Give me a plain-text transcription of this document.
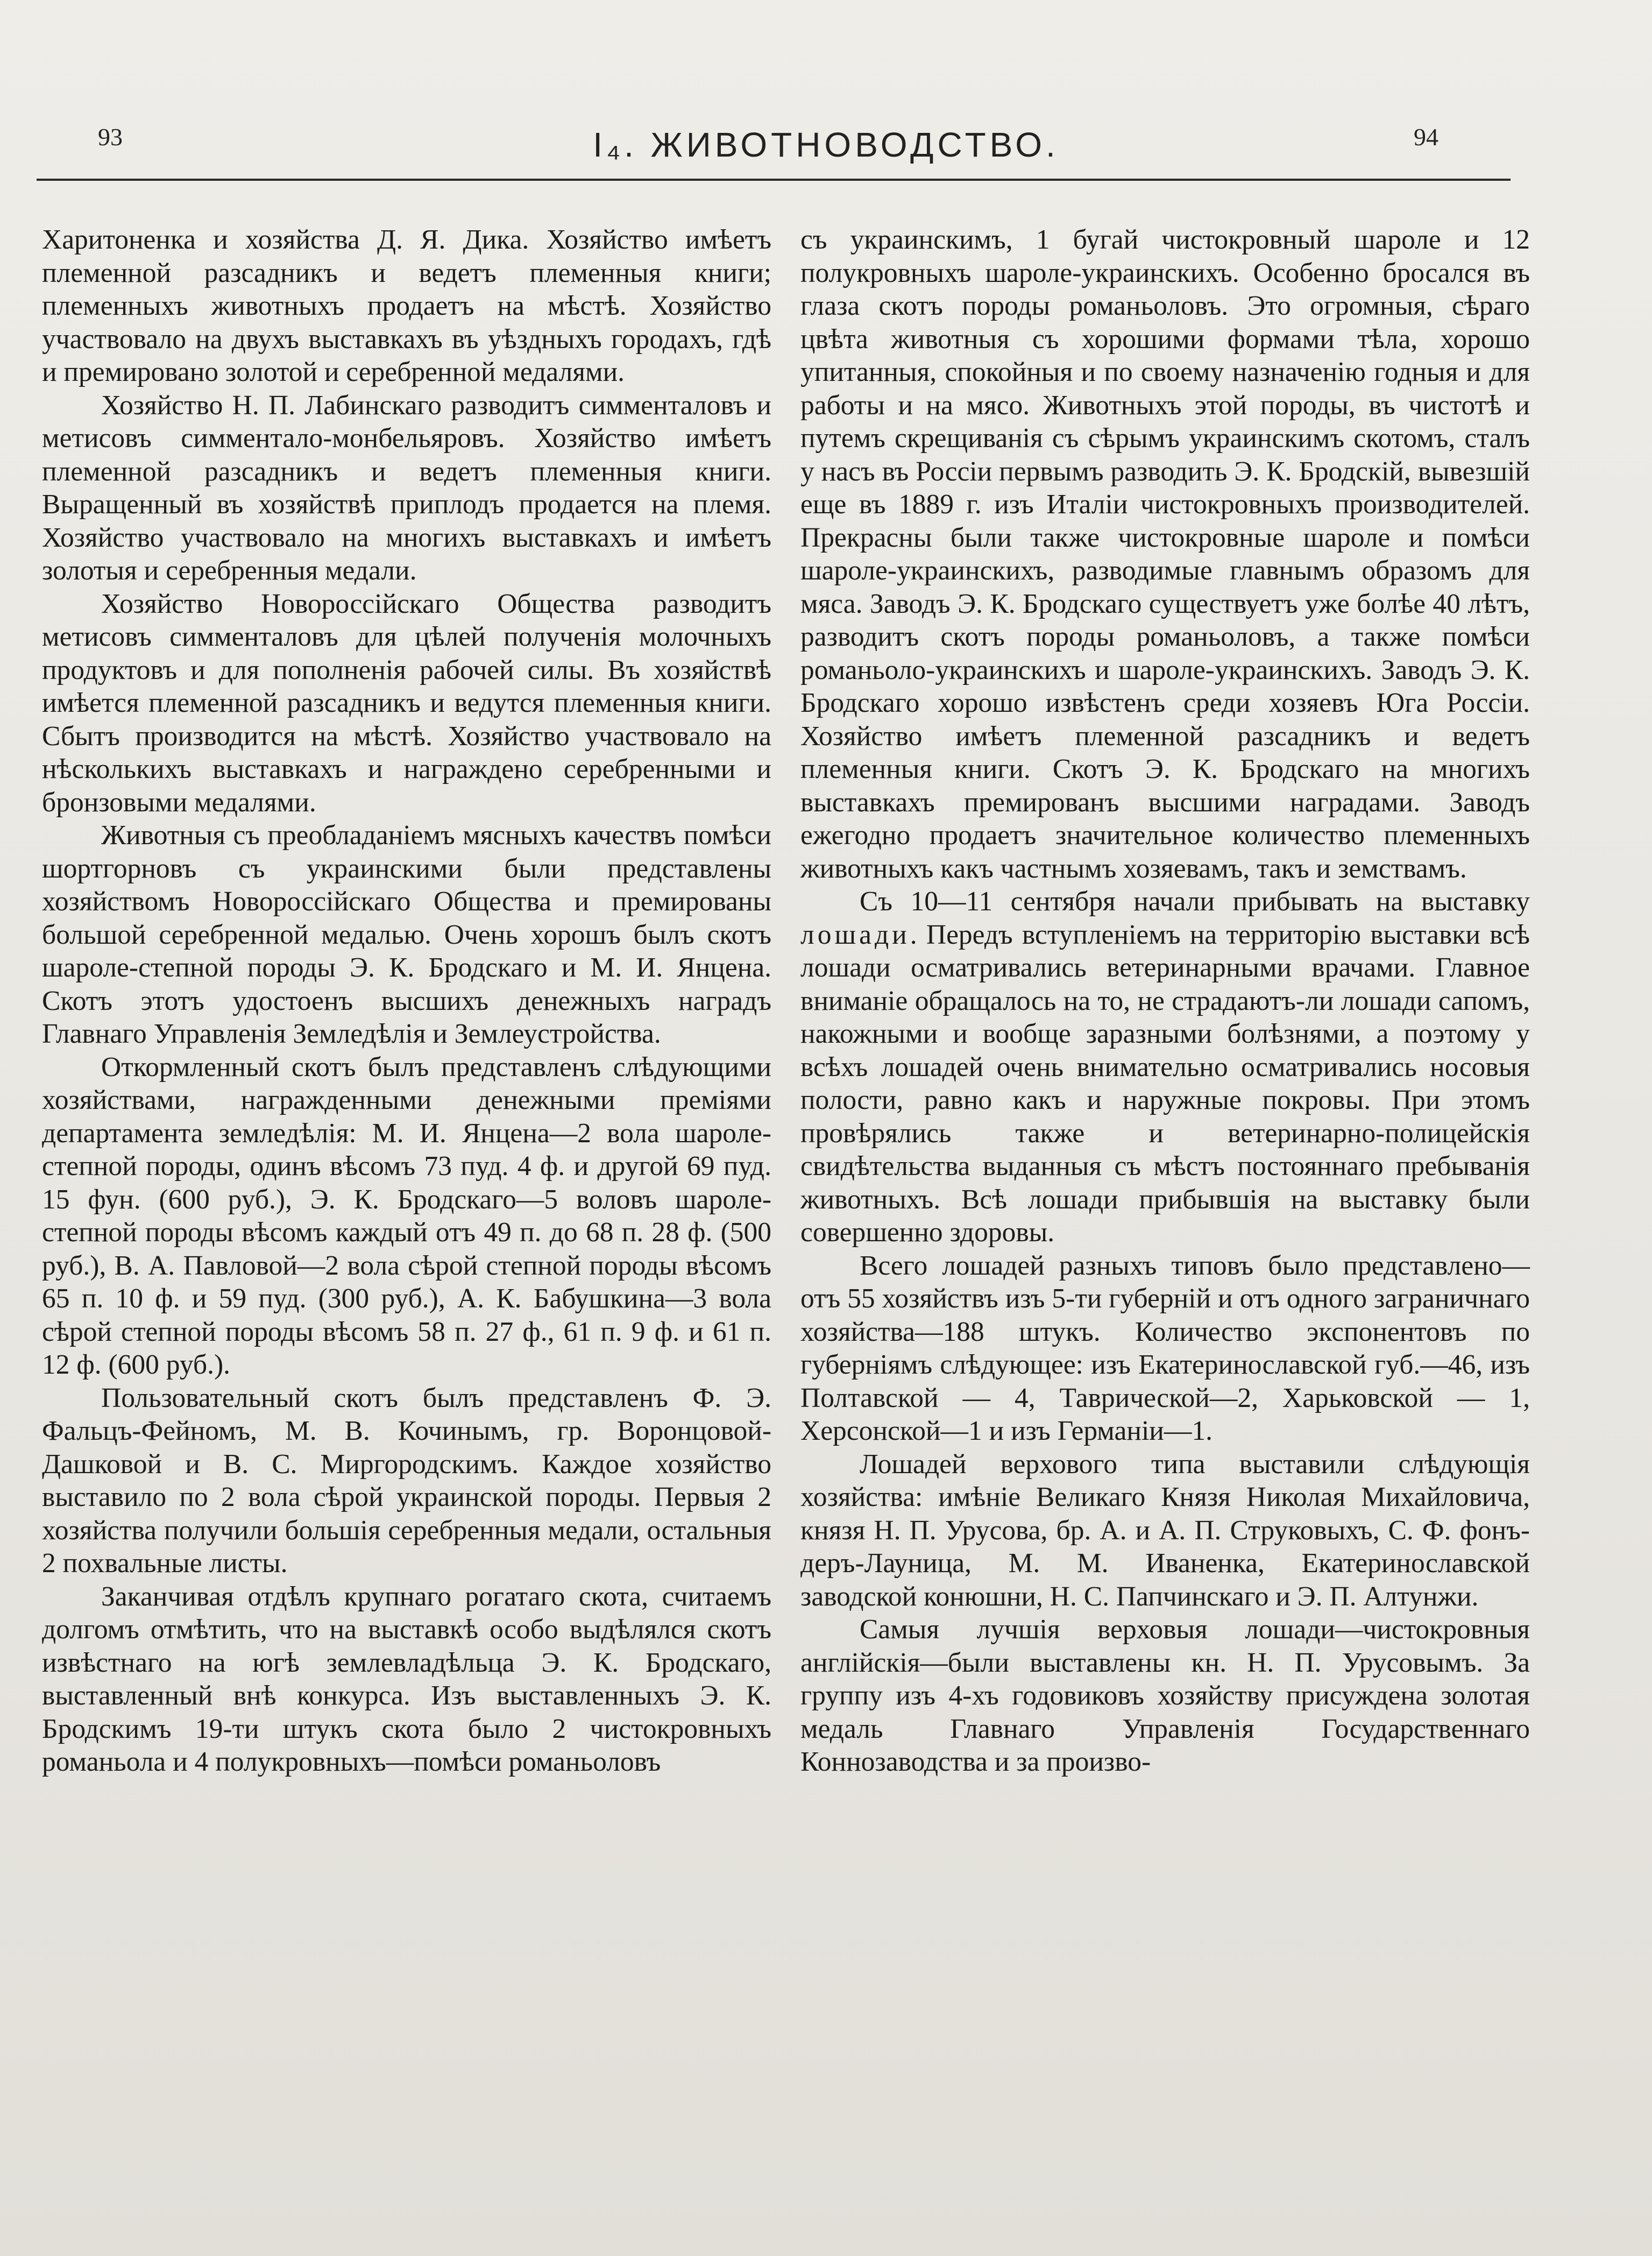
93	I₄. ЖИВОТНОВОДСТВО.	94

Харитоненка и хозяйства Д. Я. Дика. Хозяйство имѣетъ племенной разсадникъ и ведетъ племенныя книги; племенныхъ животныхъ продаетъ на мѣстѣ. Хозяйство участвовало на двухъ выставкахъ въ уѣздныхъ городахъ, гдѣ и премировано золотой и серебренной медалями.

Хозяйство Н. П. Лабинскаго разводитъ симменталовъ и метисовъ симментало-монбельяровъ. Хозяйство имѣетъ племенной разсадникъ и ведетъ племенныя книги. Выращенный въ хозяйствѣ приплодъ продается на племя. Хозяйство участвовало на многихъ выставкахъ и имѣетъ золотыя и серебренныя медали.

Хозяйство Новороссійскаго Общества разводитъ метисовъ симменталовъ для цѣлей полученія молочныхъ продуктовъ и для пополненія рабочей силы. Въ хозяйствѣ имѣется племенной разсадникъ и ведутся племенныя книги. Сбытъ производится на мѣстѣ. Хозяйство участвовало на нѣсколькихъ выставкахъ и награждено серебренными и бронзовыми медалями.

Животныя съ преобладаніемъ мясныхъ качествъ помѣси шортгорновъ съ украинскими были представлены хозяйствомъ Новороссійскаго Общества и премированы большой серебренной медалью. Очень хорошъ былъ скотъ шароле-степной породы Э. К. Бродскаго и М. И. Янцена. Скотъ этотъ удостоенъ высшихъ денежныхъ наградъ Главнаго Управленія Земледѣлія и Землеустройства.

Откормленный скотъ былъ представленъ слѣдующими хозяйствами, награжденными денежными преміями департамента земледѣлія: М. И. Янцена—2 вола шароле-степной породы, одинъ вѣсомъ 73 пуд. 4 ф. и другой 69 пуд. 15 фун. (600 руб.), Э. К. Бродскаго—5 воловъ шароле-степной породы вѣсомъ каждый отъ 49 п. до 68 п. 28 ф. (500 руб.), В. А. Павловой—2 вола сѣрой степной породы вѣсомъ 65 п. 10 ф. и 59 пуд. (300 руб.), А. К. Бабушкина—3 вола сѣрой степной породы вѣсомъ 58 п. 27 ф., 61 п. 9 ф. и 61 п. 12 ф. (600 руб.).

Пользовательный скотъ былъ представленъ Ф. Э. Фальцъ-Фейномъ, М. В. Кочинымъ, гр. Воронцовой-Дашковой и В. С. Миргородскимъ. Каждое хозяйство выставило по 2 вола сѣрой украинской породы. Первыя 2 хозяйства получили большія серебренныя медали, остальныя 2 похвальные листы.

Заканчивая отдѣлъ крупнаго рогатаго скота, считаемъ долгомъ отмѣтить, что на выставкѣ особо выдѣлялся скотъ извѣстнаго на югѣ землевладѣльца Э. К. Бродскаго, выставленный внѣ конкурса. Изъ выставленныхъ Э. К. Бродскимъ 19-ти штукъ скота было 2 чистокровныхъ романьола и 4 полукровныхъ—помѣси романьоловъ

съ украинскимъ, 1 бугай чистокровный шароле и 12 полукровныхъ шароле-украинскихъ. Особенно бросался въ глаза скотъ породы романьоловъ. Это огромныя, сѣраго цвѣта животныя съ хорошими формами тѣла, хорошо упитанныя, спокойныя и по своему назначенію годныя и для работы и на мясо. Животныхъ этой породы, въ чистотѣ и путемъ скрещиванія съ сѣрымъ украинскимъ скотомъ, сталъ у насъ въ Россіи первымъ разводить Э. К. Бродскій, вывезшій еще въ 1889 г. изъ Италіи чистокровныхъ производителей. Прекрасны были также чистокровные шароле и помѣси шароле-украинскихъ, разводимые главнымъ образомъ для мяса. Заводъ Э. К. Бродскаго существуетъ уже болѣе 40 лѣтъ, разводитъ скотъ породы романьоловъ, а также помѣси романьоло-украинскихъ и шароле-украинскихъ. Заводъ Э. К. Бродскаго хорошо извѣстенъ среди хозяевъ Юга Россіи. Хозяйство имѣетъ племенной разсадникъ и ведетъ племенныя книги. Скотъ Э. К. Бродскаго на многихъ выставкахъ премированъ высшими наградами. Заводъ ежегодно продаетъ значительное количество племенныхъ животныхъ какъ частнымъ хозяевамъ, такъ и земствамъ.

Съ 10—11 сентября начали прибывать на выставку лошади. Передъ вступленіемъ на территорію выставки всѣ лошади осматривались ветеринарными врачами. Главное вниманіе обращалось на то, не страдаютъ-ли лошади сапомъ, накожными и вообще заразными болѣзнями, а поэтому у всѣхъ лошадей очень внимательно осматривались носовыя полости, равно какъ и наружные покровы. При этомъ провѣрялись также и ветеринарно-полицейскія свидѣтельства выданныя съ мѣстъ постояннаго пребыванія животныхъ. Всѣ лошади прибывшія на выставку были совершенно здоровы.

Всего лошадей разныхъ типовъ было представлено—отъ 55 хозяйствъ изъ 5-ти губерній и отъ одного заграничнаго хозяйства—188 штукъ. Количество экспонентовъ по губерніямъ слѣдующее: изъ Екатеринославской губ.—46, изъ Полтавской — 4, Таврической—2, Харьковской — 1, Херсонской—1 и изъ Германіи—1.

Лошадей верхового типа выставили слѣдующія хозяйства: имѣніе Великаго Князя Николая Михайловича, князя Н. П. Урусова, бр. А. и А. П. Струковыхъ, С. Ф. фонъ-деръ-Лауница, М. М. Иваненка, Екатеринославской заводской конюшни, Н. С. Папчинскаго и Э. П. Алтунжи.

Самыя лучшія верховыя лошади—чистокровныя англійскія—были выставлены кн. Н. П. Урусовымъ. За группу изъ 4-хъ годовиковъ хозяйству присуждена золотая медаль Главнаго Управленія Государственнаго Коннозаводства и за произво-
